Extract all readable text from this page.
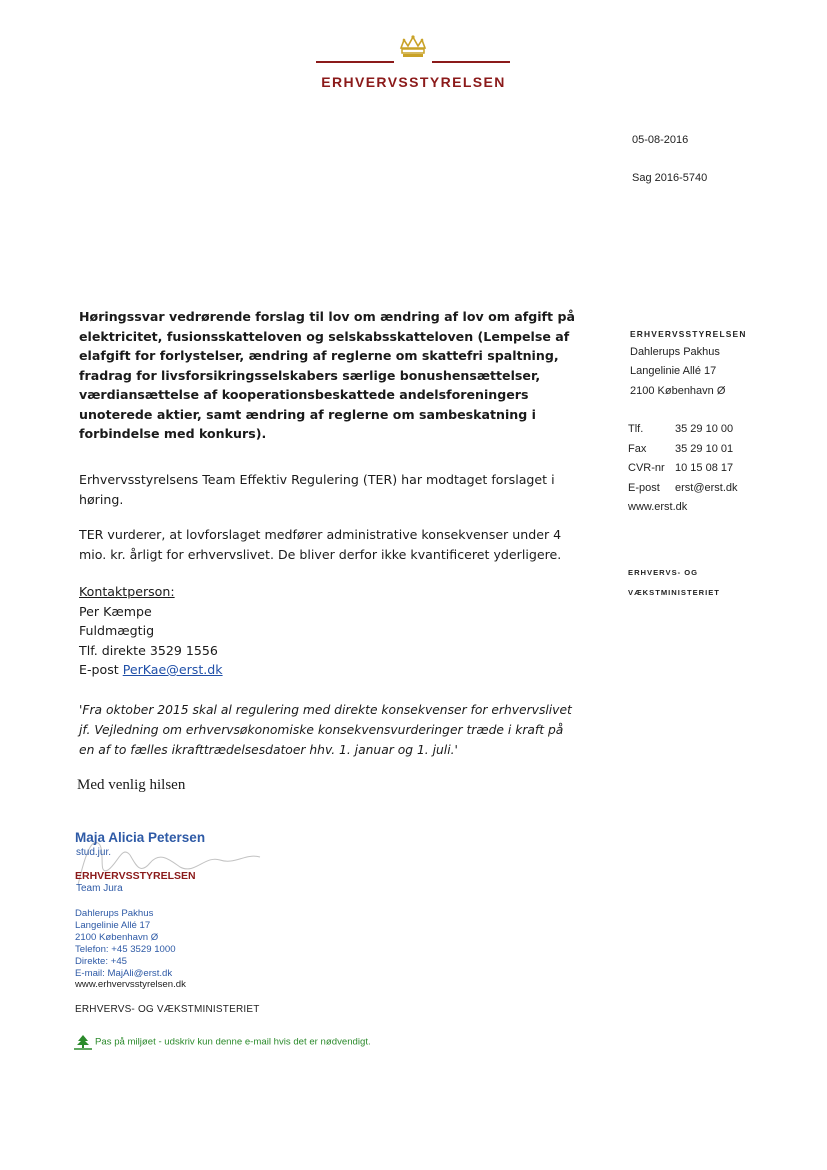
ERHVERVSSTYRELSEN
05-08-2016
Sag 2016-5740
Høringssvar vedrørende forslag til lov om ændring af lov om afgift på elektricitet, fusionsskatteloven og selskabsskatteloven (Lempelse af elafgift for forlystelser, ændring af reglerne om skattefri spaltning, fradrag for livsforsikringsselskabers særlige bonushensættelser, værdiansættelse af kooperationsbeskattede andelsforeningers unoterede aktier, samt ændring af reglerne om sambeskatning i forbindelse med konkurs).
Erhvervsstyrelsens Team Effektiv Regulering (TER) har modtaget forslaget i høring.
TER vurderer, at lovforslaget medfører administrative konsekvenser under 4 mio. kr. årligt for erhvervslivet. De bliver derfor ikke kvantificeret yderligere.
Kontaktperson:
Per Kæmpe
Fuldmægtig
Tlf. direkte 3529 1556
E-post PerKae@erst.dk
'Fra oktober 2015 skal al regulering med direkte konsekvenser for erhvervslivet jf. Vejledning om erhvervsøkonomiske konsekvensvurderinger træde i kraft på en af to fælles ikrafttrædelsesdatoer hhv. 1. januar og 1. juli.'
Med venlig hilsen
Maja Alicia Petersen
stud.jur.
ERHVERVSSTYRELSEN
Team Jura
Dahlerups Pakhus
Langelinie Allé 17
2100 København Ø
Telefon: +45 3529 1000
Direkte: +45
E-mail: MajAli@erst.dk
www.erhvervsstyrelsen.dk
ERHVERVS- OG VÆKSTMINISTERIET
Pas på miljøet - udskriv kun denne e-mail hvis det er nødvendigt.
ERHVERVSSTYRELSEN
Dahlerups Pakhus
Langelinie Allé 17
2100 København Ø
Tlf.	35 29 10 00
Fax	35 29 10 01
CVR-nr 10 15 08 17
E-post	erst@erst.dk
www.erst.dk
ERHVERVS- OG
VÆKSTMINISTERIET
